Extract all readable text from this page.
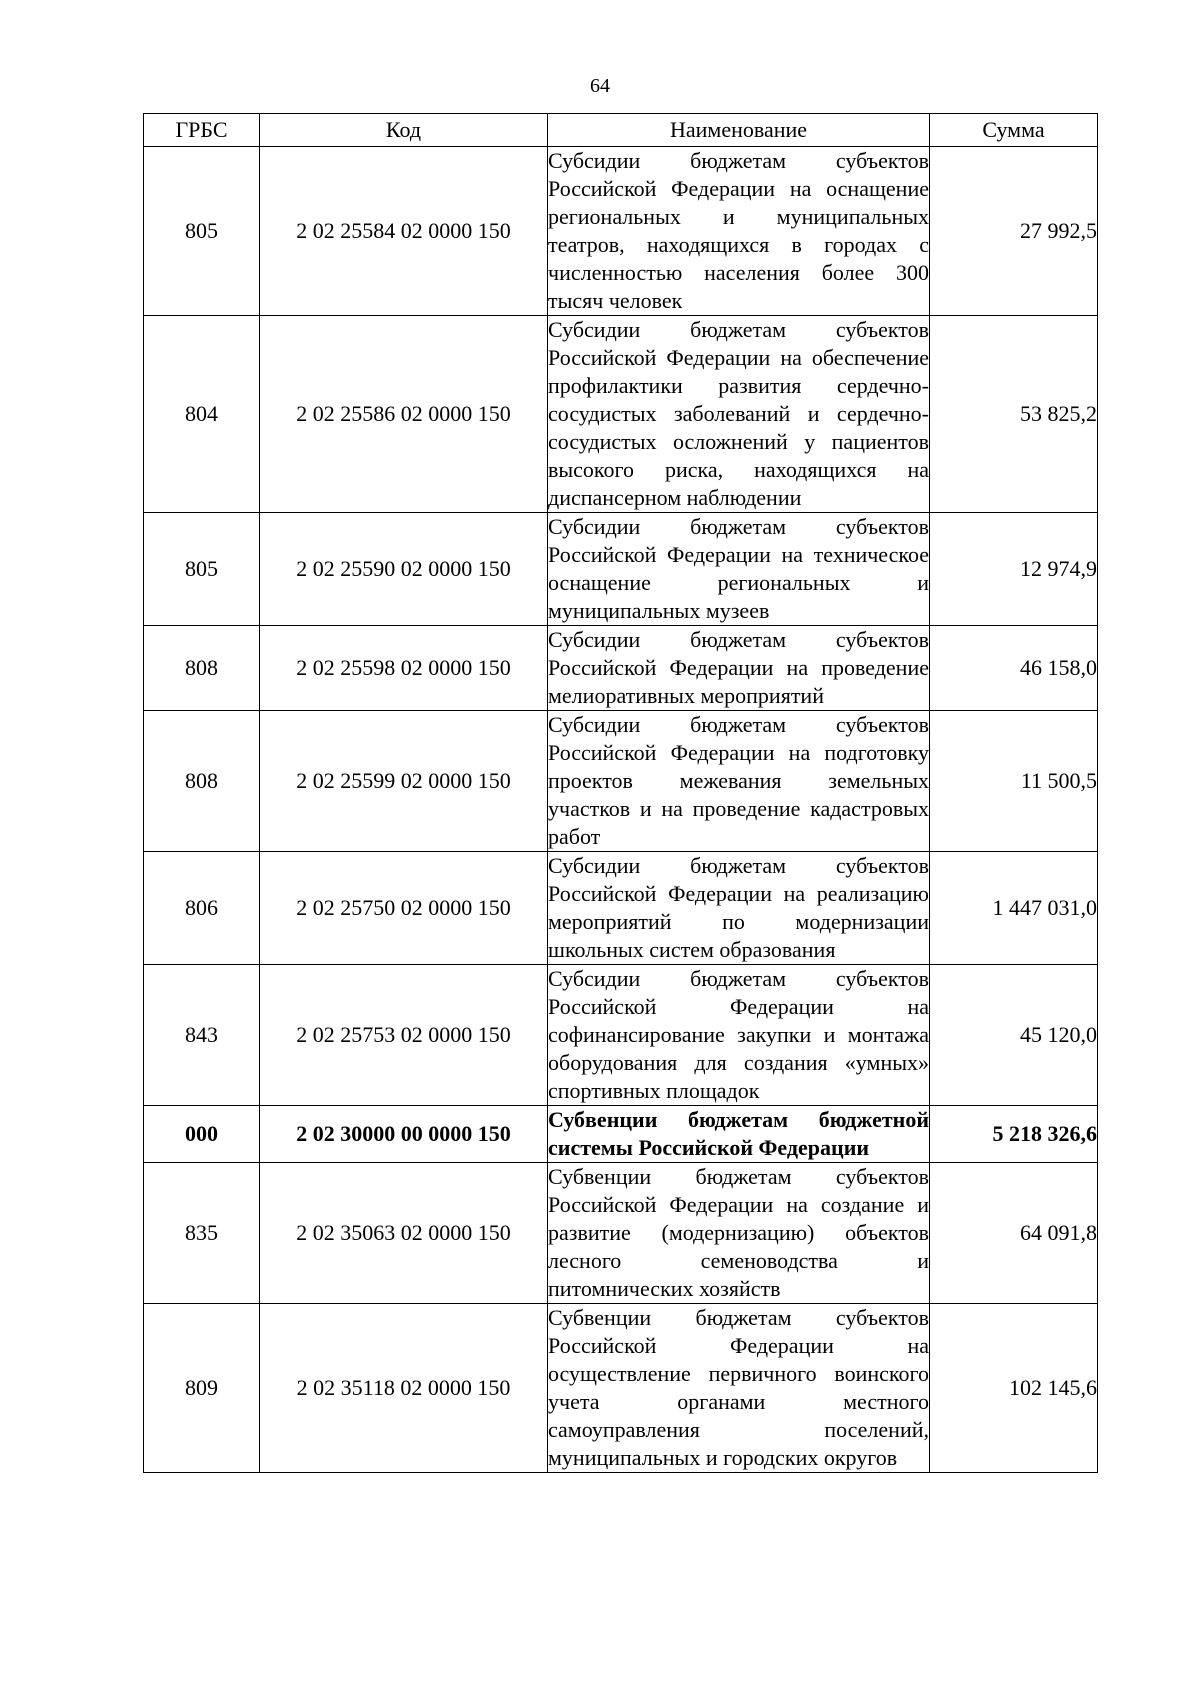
64
ГРБС	Код	Наименование	Сумма
805	2 02 25584 02 0000 150	Субсидии бюджетам субъектов Российской Федерации на оснащение региональных и муниципальных театров, находящихся в городах с численностью населения более 300 тысяч человек	27 992,5
804	2 02 25586 02 0000 150	Субсидии бюджетам субъектов Российской Федерации на обеспечение профилактики развития сердечно-сосудистых заболеваний и сердечно-сосудистых осложнений у пациентов высокого риска, находящихся на диспансерном наблюдении	53 825,2
805	2 02 25590 02 0000 150	Субсидии бюджетам субъектов Российской Федерации на техническое оснащение региональных и муниципальных музеев	12 974,9
808	2 02 25598 02 0000 150	Субсидии бюджетам субъектов Российской Федерации на проведение мелиоративных мероприятий	46 158,0
808	2 02 25599 02 0000 150	Субсидии бюджетам субъектов Российской Федерации на подготовку проектов межевания земельных участков и на проведение кадастровых работ	11 500,5
806	2 02 25750 02 0000 150	Субсидии бюджетам субъектов Российской Федерации на реализацию мероприятий по модернизации школьных систем образования	1 447 031,0
843	2 02 25753 02 0000 150	Субсидии бюджетам субъектов Российской Федерации на софинансирование закупки и монтажа оборудования для создания «умных» спортивных площадок	45 120,0
000	2 02 30000 00 0000 150	Субвенции бюджетам бюджетной системы Российской Федерации	5 218 326,6
835	2 02 35063 02 0000 150	Субвенции бюджетам субъектов Российской Федерации на создание и развитие (модернизацию) объектов лесного семеноводства и питомнических хозяйств	64 091,8
809	2 02 35118 02 0000 150	Субвенции бюджетам субъектов Российской Федерации на осуществление первичного воинского учета органами местного самоуправления поселений, муниципальных и городских округов	102 145,6
